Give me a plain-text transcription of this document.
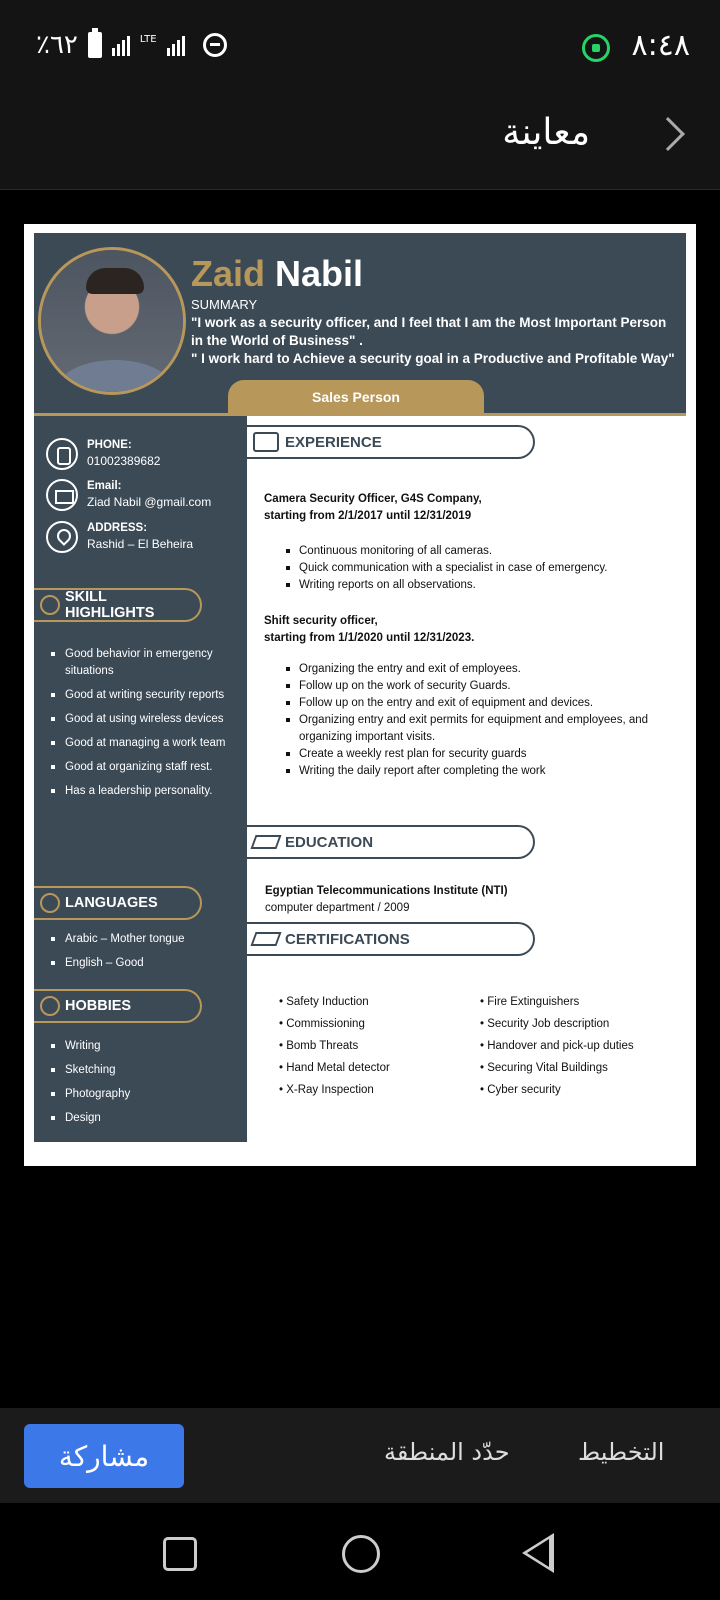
٪٦٢	LTE	٨:٤٨
معاينة
Zaid Nabil
SUMMARY
"I work as a security officer, and I feel that I am the Most Important Person in the World of Business" .
" I work hard to Achieve a security goal in a Productive and Profitable Way"
Sales Person
PHONE:
01002389682
Email:
Ziad Nabil @gmail.com
ADDRESS:
Rashid – El Beheira
SKILL HIGHLIGHTS
Good behavior in emergency situations
Good at writing security reports
Good at using wireless devices
Good at managing a work team
Good at organizing staff rest.
Has a leadership personality.
LANGUAGES
Arabic – Mother tongue
English – Good
HOBBIES
Writing
Sketching
Photography
Design
EXPERIENCE
Camera Security Officer, G4S Company,
starting from 2/1/2017 until 12/31/2019
Continuous monitoring of all cameras.
Quick communication with a specialist in case of emergency.
Writing reports on all observations.
Shift security officer,
starting from 1/1/2020 until 12/31/2023.
Organizing the entry and exit of employees.
Follow up on the work of security Guards.
Follow up on the entry and exit of equipment and devices.
Organizing entry and exit permits for equipment and employees, and organizing important visits.
Create a weekly rest plan for security guards
Writing the daily report after completing the work
EDUCATION
Egyptian Telecommunications Institute (NTI)
computer department / 2009
CERTIFICATIONS
• Safety Induction
• Commissioning
• Bomb Threats
• Hand Metal detector
• X-Ray Inspection
• Fire Extinguishers
• Security Job description
• Handover and pick-up duties
• Securing Vital Buildings
• Cyber security
مشاركة	حدّد المنطقة	التخطيط
